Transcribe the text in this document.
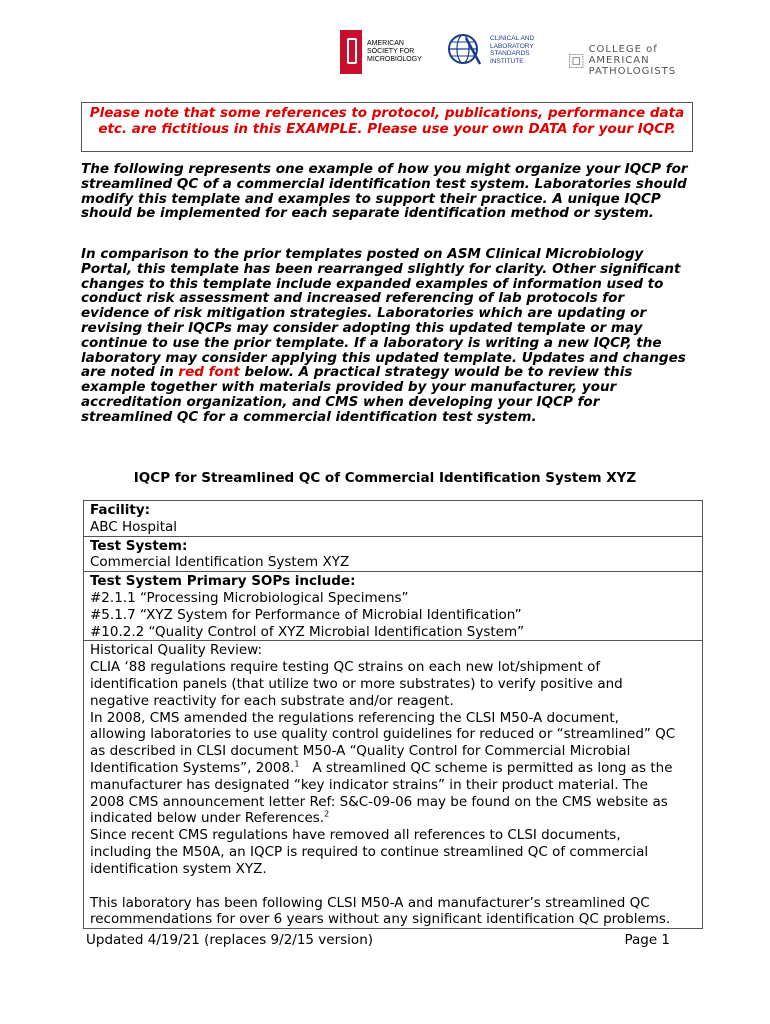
AMERICAN
SOCIETY FOR
MICROBIOLOGY
CLINICAL AND
LABORATORY
STANDARDS
INSTITUTE
COLLEGE of AMERICAN
PATHOLOGISTS
Please note that some references to protocol, publications, performance data etc. are fictitious in this EXAMPLE. Please use your own DATA for your IQCP.
The following represents one example of how you might organize your IQCP for streamlined QC of a commercial identification test system. Laboratories should modify this template and examples to support their practice. A unique IQCP should be implemented for each separate identification method or system.
In comparison to the prior templates posted on ASM Clinical Microbiology Portal, this template has been rearranged slightly for clarity. Other significant changes to this template include expanded examples of information used to conduct risk assessment and increased referencing of lab protocols for evidence of risk mitigation strategies. Laboratories which are updating or revising their IQCPs may consider adopting this updated template or may continue to use the prior template. If a laboratory is writing a new IQCP, the laboratory may consider applying this updated template. Updates and changes are noted in red font below. A practical strategy would be to review this example together with materials provided by your manufacturer, your accreditation organization, and CMS when developing your IQCP for streamlined QC for a commercial identification test system.
IQCP for Streamlined QC of Commercial Identification System XYZ
Facility:
ABC Hospital
Test System:
Commercial Identification System XYZ
Test System Primary SOPs include:
#2.1.1 “Processing Microbiological Specimens”
#5.1.7 “XYZ System for Performance of Microbial Identification”
#10.2.2 “Quality Control of XYZ Microbial Identification System”
Historical Quality Review:
CLIA ‘88 regulations require testing QC strains on each new lot/shipment of
identification panels (that utilize two or more substrates) to verify positive and
negative reactivity for each substrate and/or reagent.
In 2008, CMS amended the regulations referencing the CLSI M50-A document,
allowing laboratories to use quality control guidelines for reduced or “streamlined” QC
as described in CLSI document M50-A “Quality Control for Commercial Microbial
Identification Systems”, 2008.$^1$   A streamlined QC scheme is permitted as long as the
manufacturer has designated “key indicator strains” in their product material. The
2008 CMS announcement letter Ref: S&C-09-06 may be found on the CMS website as
indicated below under References.$^2$
Since recent CMS regulations have removed all references to CLSI documents,
including the M50A, an IQCP is required to continue streamlined QC of commercial
identification system XYZ.
This laboratory has been following CLSI M50-A and manufacturer’s streamlined QC
recommendations for over 6 years without any significant identification QC problems.
Updated 4/19/21 (replaces 9/2/15 version)	Page 1
